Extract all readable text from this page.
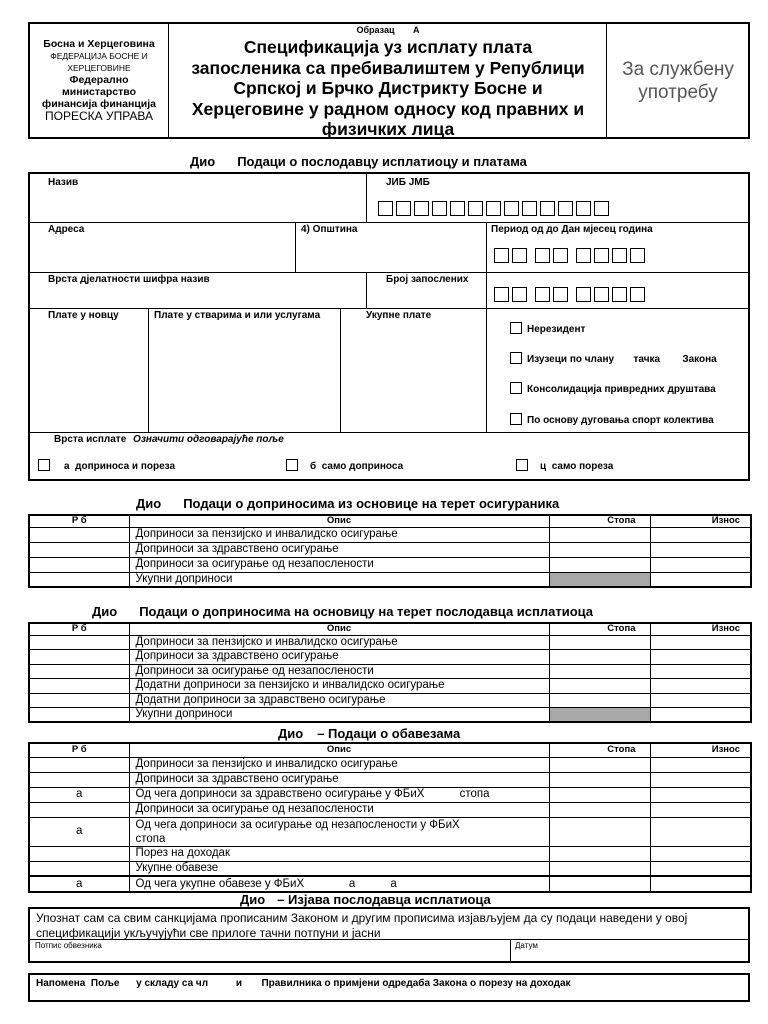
Босна и Херцеговина
ФЕДЕРАЦИЈА БОСНЕ И
ХЕРЦЕГОВИНЕ
Федерално
министарство
финансија финанција
ПОРЕСКА УПРАВА
Образац А
Спецификација уз исплату плата
запосленика са пребивалиштем у Републици
Српској и Брчко Дистрикту Босне и
Херцеговине у радном односу код правних и
физичких лица
За службену
употребу
Дио Подаци о послодавцу исплатиоцу и платама
Назив	ЈИБ ЈМБ
Адреса	4) Општина	Период од до Дан мјесец година
Врста дјелатности шифра назив	Број запослених
Плате у новцу	Плате у стварима и или услугама	Укупне плате
Нерезидент
Изузеци по члану       тачка        Закона
Консолидација привредних друштава
По основу дуговања спорт колектива
Врста исплате Означити одговарајуће поље
а  доприноса и пореза	б  само доприноса	ц  само пореза
Дио Подаци о доприносима из основице на терет осигураника
Р б	Опис	Стопа	Износ
	Доприноси за пензијско и инвалидско осигурање		
	Доприноси за здравствено осигурање		
	Доприноси за осигурање од незапослености		
	Укупни доприноси		
Дио Подаци о доприносима на основицу на терет послодавца исплатиоца
Р б	Опис	Стопа	Износ
	Доприноси за пензијско и инвалидско осигурање		
	Доприноси за здравствено осигурање		
	Доприноси за осигурање од незапослености		
	Додатни доприноси за пензијско и инвалидско осигурање		
	Додатни доприноси за здравствено осигурање		
	Укупни доприноси		
Дио – Подаци о обавезама
Р б	Опис	Стопа	Износ
	Доприноси за пензијско и инвалидско осигурање		
	Доприноси за здравствено осигурање		
а	Од чега доприноси за здравствено осигурање у ФБиХ           стопа		
	Доприноси за осигурање од незапослености		
а	Од чега доприноси за осигурање од незапослености у ФБиХ стопа		
	Порез на доходак		
	Укупне обавезе		
а	Од чега укупне обавезе у ФБиХ              а           а		
Дио – Изјава послодавца исплатиоца
Упознат сам са свим санкцијама прописаним Законом и другим прописима изјављујем да су подаци наведени у овој спецификацији укључујући све прилоге тачни потпуни и јасни
Потпис обвезника	Датум
Напомена  Поље      у складу са чл          и       Правилника о примјени одредаба Закона о порезу на доходак
